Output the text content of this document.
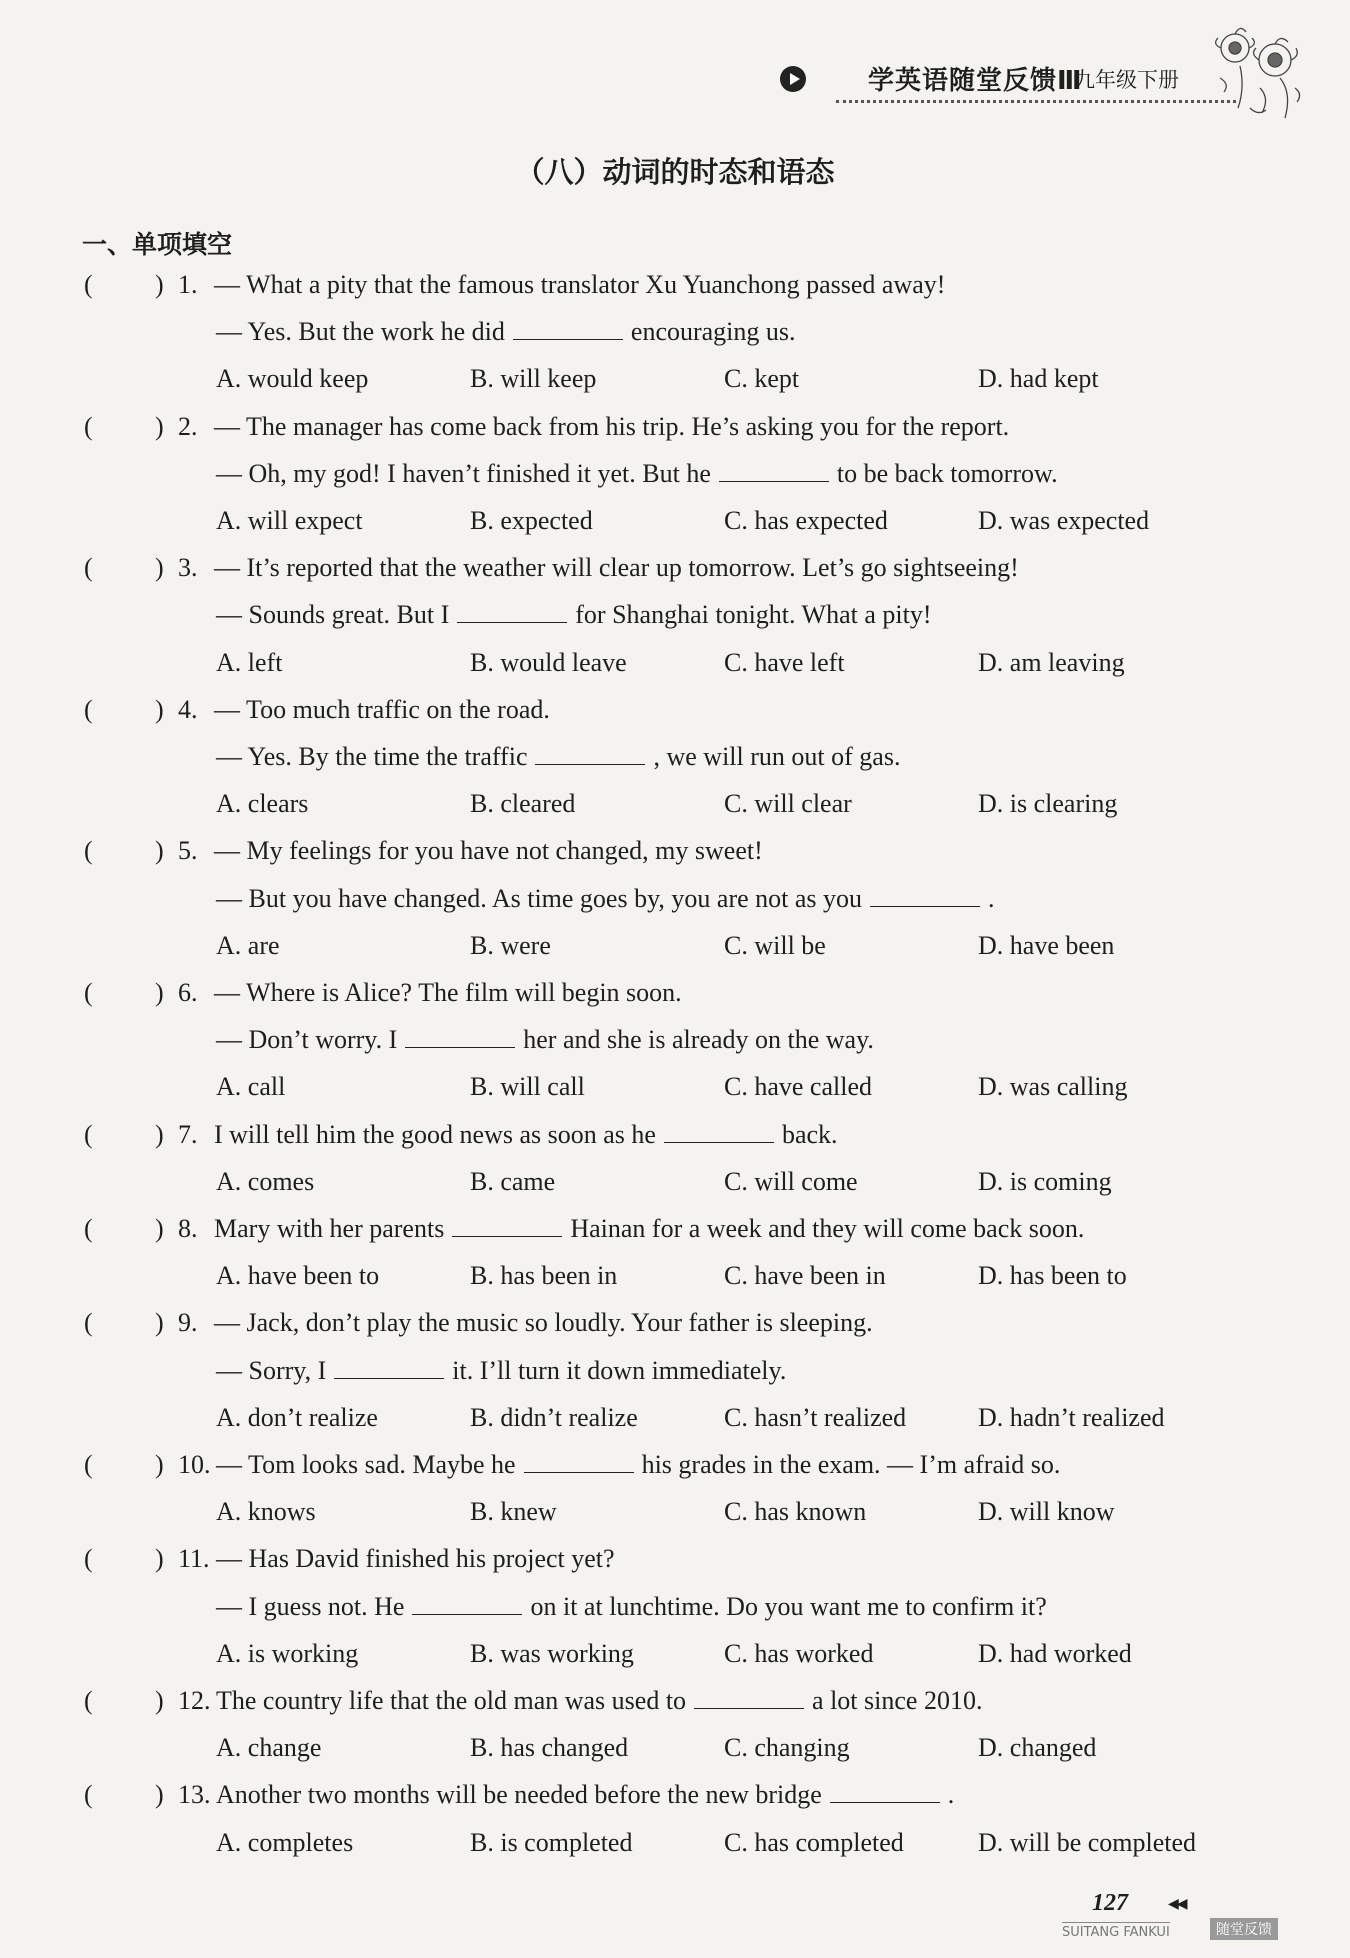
学英语随堂反馈Ⅲ
九年级下册
（八）动词的时态和语态
一、单项填空
( ) 1. — What a pity that the famous translator Xu Yuanchong passed away!
— Yes. But the work he did	encouraging us.
A. would keep	B. will keep	C. kept	D. had kept
( ) 2. — The manager has come back from his trip. He’s asking you for the report.
— Oh, my god! I haven’t finished it yet. But he	to be back tomorrow.
A. will expect	B. expected	C. has expected	D. was expected
( ) 3. — It’s reported that the weather will clear up tomorrow. Let’s go sightseeing!
— Sounds great. But I	for Shanghai tonight. What a pity!
A. left	B. would leave	C. have left	D. am leaving
( ) 4. — Too much traffic on the road.
— Yes. By the time the traffic	, we will run out of gas.
A. clears	B. cleared	C. will clear	D. is clearing
( ) 5. — My feelings for you have not changed, my sweet!
— But you have changed. As time goes by, you are not as you	.
A. are	B. were	C. will be	D. have been
( ) 6. — Where is Alice? The film will begin soon.
— Don’t worry. I	her and she is already on the way.
A. call	B. will call	C. have called	D. was calling
( ) 7. I will tell him the good news as soon as he	back.
A. comes	B. came	C. will come	D. is coming
( ) 8. Mary with her parents	Hainan for a week and they will come back soon.
A. have been to	B. has been in	C. have been in	D. has been to
( ) 9. — Jack, don’t play the music so loudly. Your father is sleeping.
— Sorry, I	it. I’ll turn it down immediately.
A. don’t realize	B. didn’t realize	C. hasn’t realized	D. hadn’t realized
( ) 10. — Tom looks sad. Maybe he	his grades in the exam. — I’m afraid so.
A. knows	B. knew	C. has known	D. will know
( ) 11. — Has David finished his project yet?
— I guess not. He	on it at lunchtime. Do you want me to confirm it?
A. is working	B. was working	C. has worked	D. had worked
( ) 12. The country life that the old man was used to	a lot since 2010.
A. change	B. has changed	C. changing	D. changed
( ) 13. Another two months will be needed before the new bridge	.
A. completes	B. is completed	C. has completed	D. will be completed
127	◀◀
SUITANG FANKUI	随堂反馈
